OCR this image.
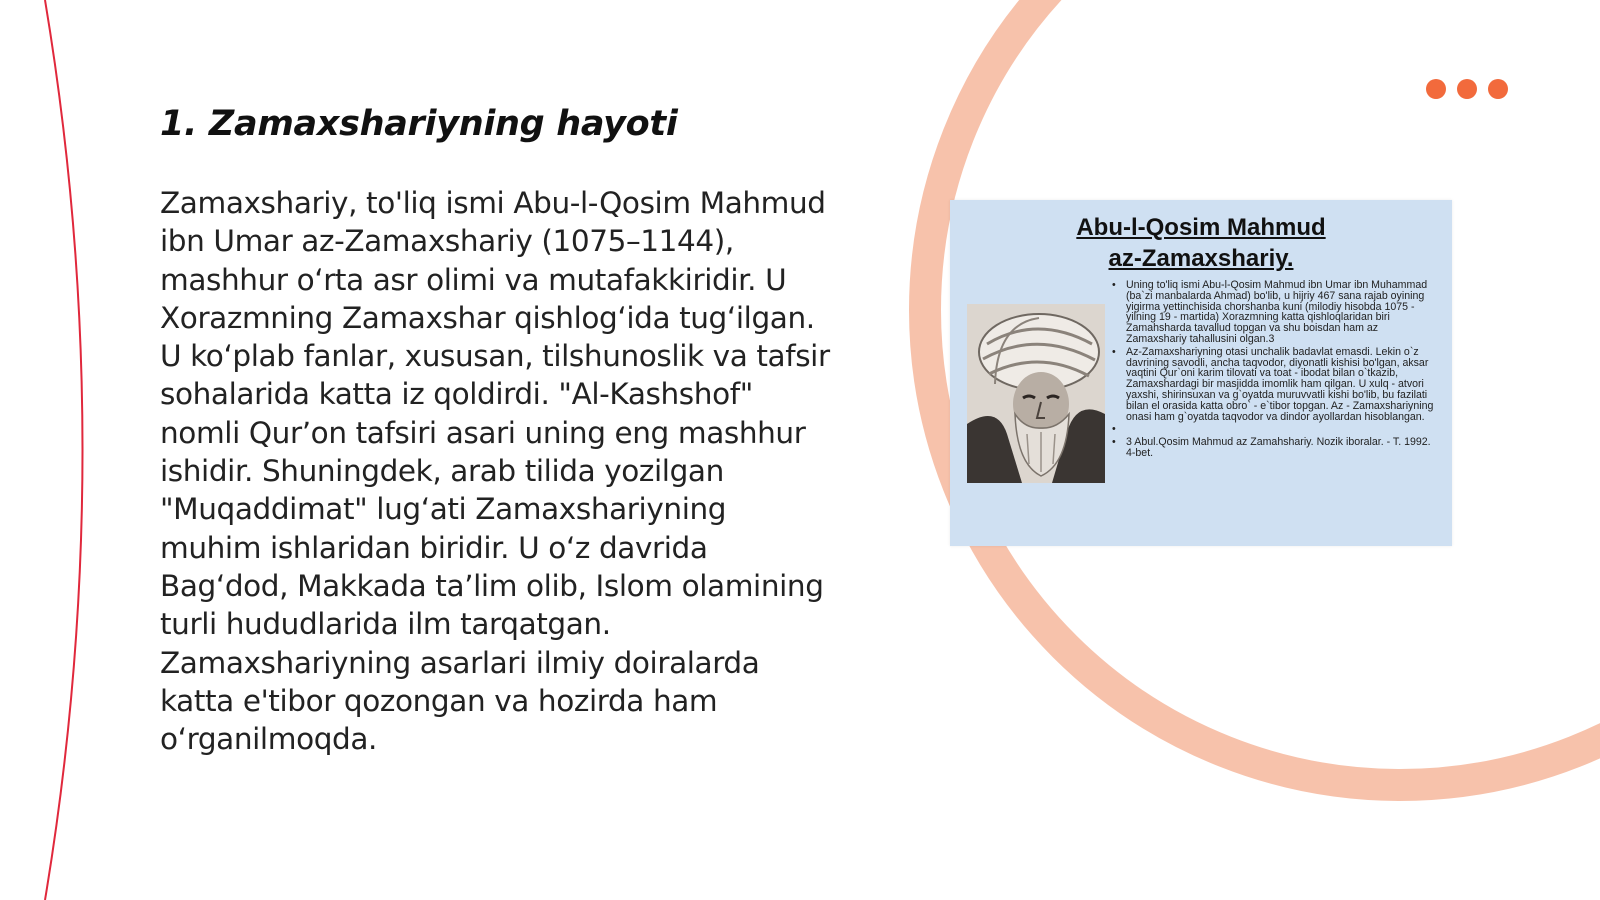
1. Zamaxshariyning hayoti

Zamaxshariy, to'liq ismi Abu-l-Qosim Mahmud ibn Umar az-Zamaxshariy (1075–1144), mashhur o‘rta asr olimi va mutafakkiridir. U Xorazmning Zamaxshar qishlog‘ida tug‘ilgan. U ko‘plab fanlar, xususan, tilshunoslik va tafsir sohalarida katta iz qoldirdi. "Al-Kashshof" nomli Qur’on tafsiri asari uning eng mashhur ishidir. Shuningdek, arab tilida yozilgan "Muqaddimat" lug‘ati Zamaxshariyning muhim ishlaridan biridir. U o‘z davrida Bag‘dod, Makkada ta’lim olib, Islom olamining turli hududlarida ilm tarqatgan. Zamaxshariyning asarlari ilmiy doiralarda katta e'tibor qozongan va hozirda ham o‘rganilmoqda.

Abu-l-Qosim Mahmud
az-Zamaxshariy.
• Uning to'liq ismi Abu-l-Qosim Mahmud ibn Umar ibn Muhammad (ba`zi manbalarda Ahmad) bo'lib, u hijriy 467 sana rajab oyining yigirma yettinchisida chorshanba kuni (milodiy hisobda 1075 -yilning 19 - martida) Xorazmning katta qishloqlaridan biri Zamahsharda tavallud topgan va shu boisdan ham az Zamaxshariy tahallusini olgan.3
• Az-Zamaxshariyning otasi unchalik badavlat emasdi. Lekin o`z davrining savodli, ancha taqvodor, diyonatli kishisi bo'lgan, aksar vaqtini Qur`oni karim tilovati va toat - ibodat bilan o`tkazib, Zamaxshardagi bir masjidda imomlik ham qilgan. U xulq - atvori yaxshi, shirinsuxan va g`oyatda muruvvatli kishi bo'lib, bu fazilati bilan el orasida katta obro` - e`tibor topgan. Az - Zamaxshariyning onasi ham g`oyatda taqvodor va dindor ayollardan hisoblangan.
•
• 3 Abul.Qosim Mahmud az Zamahshariy. Nozik iboralar. - T. 1992. 4-bet.
